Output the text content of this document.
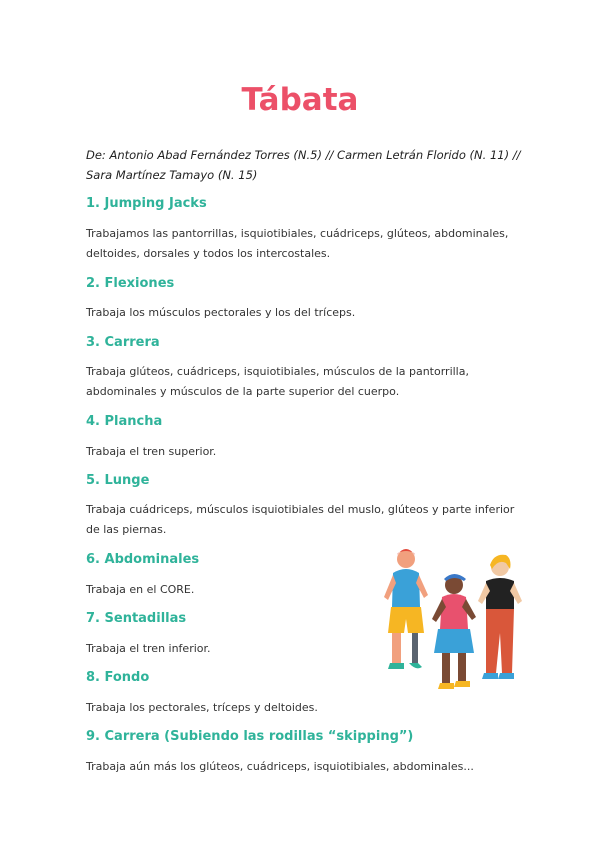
Tábata
De: Antonio Abad Fernández Torres (N.5) // Carmen Letrán Florido (N. 11) // Sara Martínez Tamayo (N. 15)
1. Jumping Jacks

Trabajamos las pantorrillas, isquiotibiales, cuádriceps, glúteos, abdominales, deltoides, dorsales y todos los intercostales.

2. Flexiones

Trabaja los músculos pectorales y los del tríceps.

3. Carrera

Trabaja glúteos, cuádriceps, isquiotibiales, músculos de la pantorrilla, abdominales y músculos de la parte superior del cuerpo.

4. Plancha

Trabaja el tren superior.

5. Lunge

Trabaja cuádriceps, músculos isquiotibiales del muslo, glúteos y parte inferior de las piernas.

6. Abdominales

Trabaja en el CORE.

7. Sentadillas

Trabaja el tren inferior.

8. Fondo

Trabaja los pectorales, tríceps y deltoides.

9. Carrera (Subiendo las rodillas “skipping”)

Trabaja aún más los glúteos, cuádriceps, isquiotibiales, abdominales...
